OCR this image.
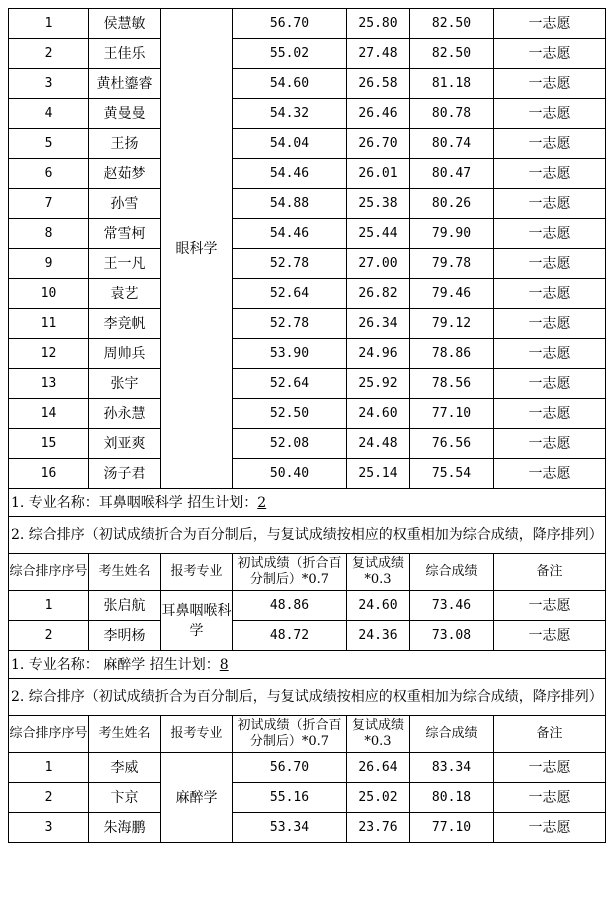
1	侯慧敏	眼科学	56.70	25.80	82.50	一志愿
2	王佳乐		55.02	27.48	82.50	一志愿
3	黄杜鎏睿		54.60	26.58	81.18	一志愿
4	黄曼曼		54.32	26.46	80.78	一志愿
5	王扬		54.04	26.70	80.74	一志愿
6	赵茹梦		54.46	26.01	80.47	一志愿
7	孙雪		54.88	25.38	80.26	一志愿
8	常雪柯		54.46	25.44	79.90	一志愿
9	王一凡		52.78	27.00	79.78	一志愿
10	袁艺		52.64	26.82	79.46	一志愿
11	李竞帆		52.78	26.34	79.12	一志愿
12	周帅兵		53.90	24.96	78.86	一志愿
13	张宇		52.64	25.92	78.56	一志愿
14	孙永慧		52.50	24.60	77.10	一志愿
15	刘亚爽		52.08	24.48	76.56	一志愿
16	汤子君		50.40	25.14	75.54	一志愿
1. 专业名称：耳鼻咽喉科学 招生计划：2						
2. 综合排序（初试成绩折合为百分制后，与复试成绩按相应的权重相加为综合成绩，降序排列）						
综合排序序号	考生姓名	报考专业	初试成绩（折合百分制后）*0.7	复试成绩*0.3	综合成绩	备注
1	张启航	耳鼻咽喉科学	48.86	24.60	73.46	一志愿
2	李明杨		48.72	24.36	73.08	一志愿
1. 专业名称： 麻醉学 招生计划：8						
2. 综合排序（初试成绩折合为百分制后，与复试成绩按相应的权重相加为综合成绩，降序排列）						
综合排序序号	考生姓名	报考专业	初试成绩（折合百分制后）*0.7	复试成绩*0.3	综合成绩	备注
1	李威	麻醉学	56.70	26.64	83.34	一志愿
2	卞京		55.16	25.02	80.18	一志愿
3	朱海鹏		53.34	23.76	77.10	一志愿
